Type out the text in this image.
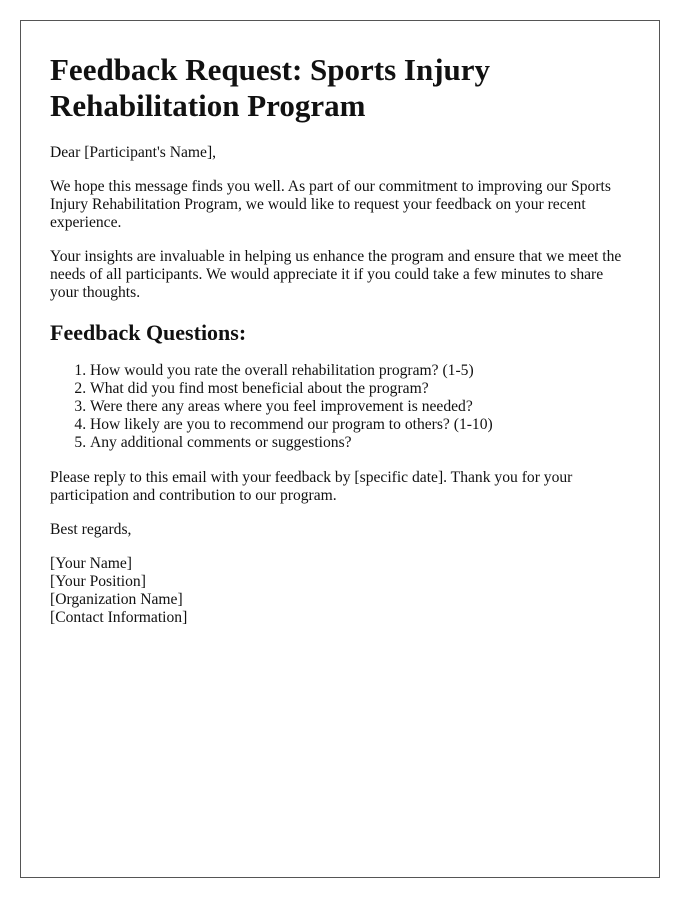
Feedback Request: Sports Injury Rehabilitation Program

Dear [Participant's Name],

We hope this message finds you well. As part of our commitment to improving our Sports Injury Rehabilitation Program, we would like to request your feedback on your recent experience.

Your insights are invaluable in helping us enhance the program and ensure that we meet the needs of all participants. We would appreciate it if you could take a few minutes to share your thoughts.

Feedback Questions:
1. How would you rate the overall rehabilitation program? (1-5)
2. What did you find most beneficial about the program?
3. Were there any areas where you feel improvement is needed?
4. How likely are you to recommend our program to others? (1-10)
5. Any additional comments or suggestions?

Please reply to this email with your feedback by [specific date]. Thank you for your participation and contribution to our program.

Best regards,

[Your Name]
[Your Position]
[Organization Name]
[Contact Information]
